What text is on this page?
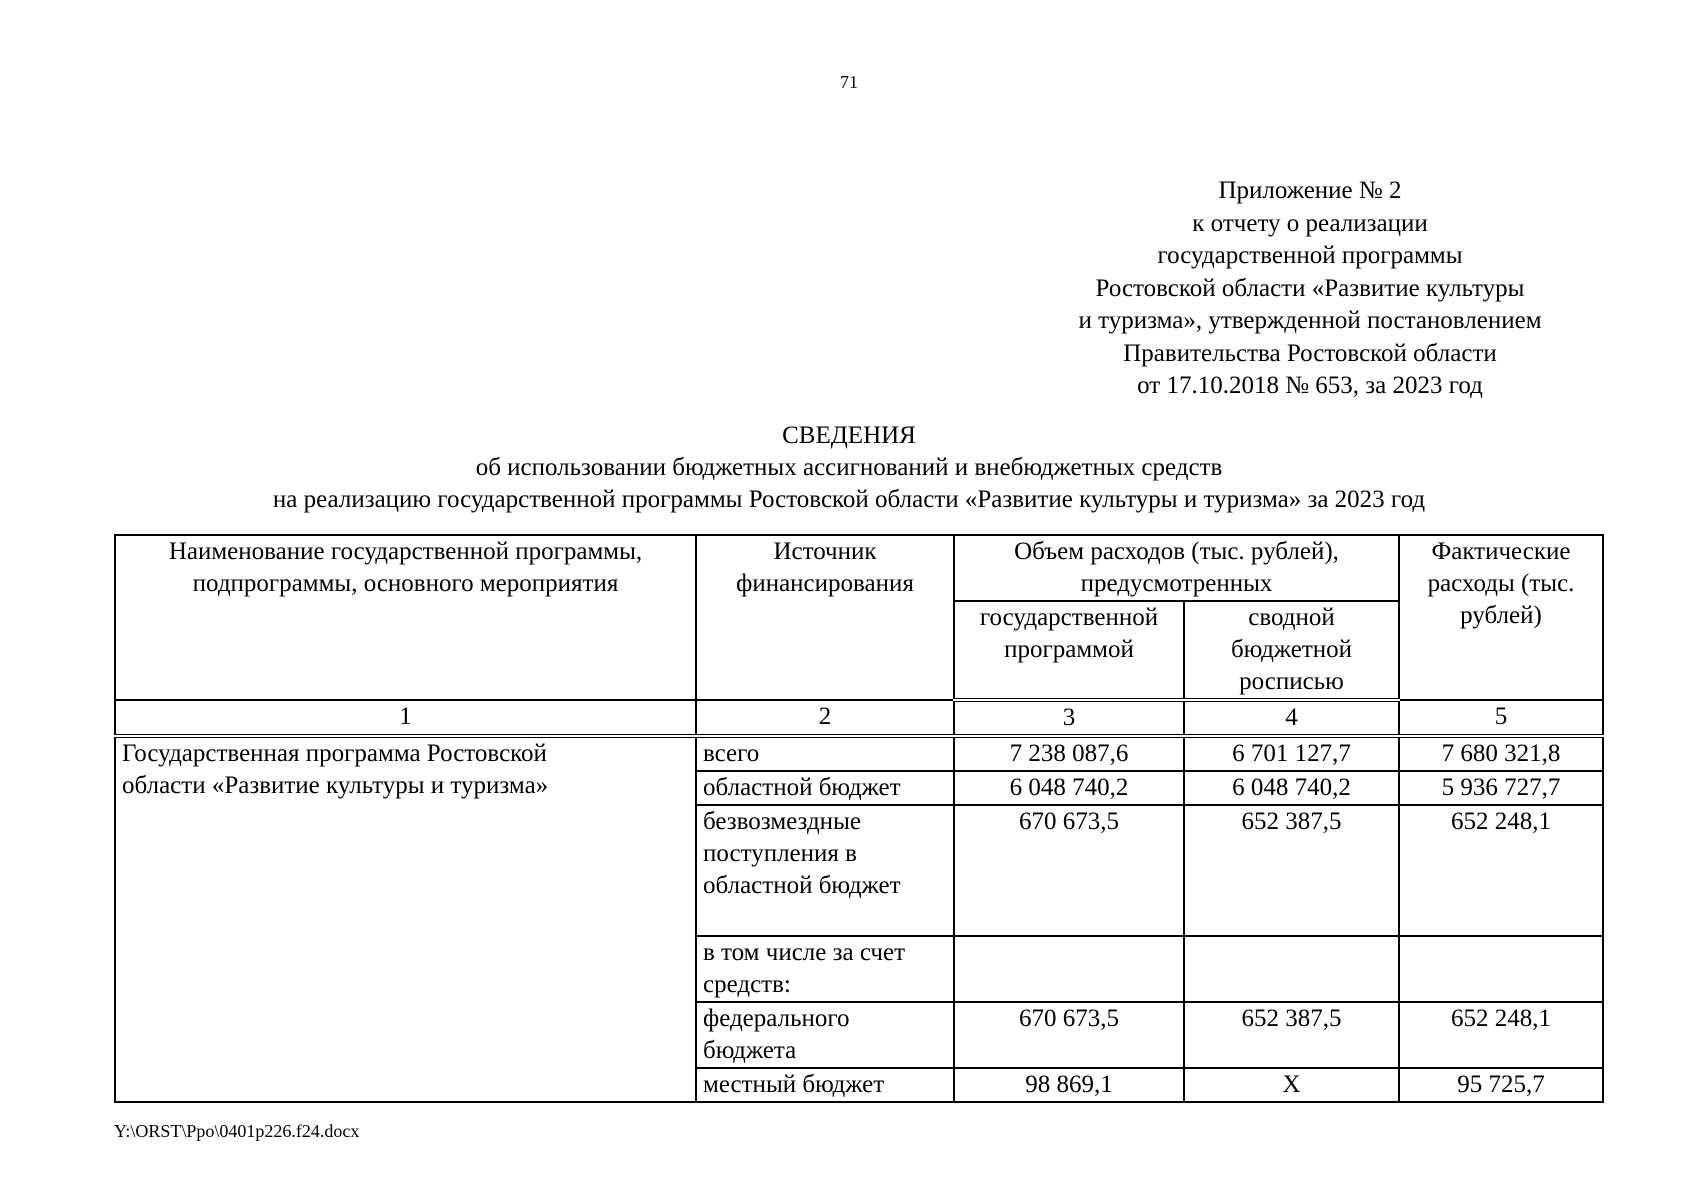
71
Приложение № 2
к отчету о реализации
государственной программы
Ростовской области «Развитие культуры
и туризма», утвержденной постановлением
Правительства Ростовской области
от 17.10.2018 № 653, за 2023 год
СВЕДЕНИЯ
об использовании бюджетных ассигнований и внебюджетных средств
на реализацию государственной программы Ростовской области «Развитие культуры и туризма» за 2023 год
Наименование государственной программы, подпрограммы, основного мероприятия	Источник финансирования	Объем расходов (тыс. рублей), предусмотренных		Фактические расходы (тыс. рублей)
		государственной программой	сводной бюджетной росписью	
1	2	3	4	5
Государственная программа Ростовской области «Развитие культуры и туризма»	всего	7 238 087,6	6 701 127,7	7 680 321,8
	областной бюджет	6 048 740,2	6 048 740,2	5 936 727,7
	безвозмездные поступления в областной бюджет	670 673,5	652 387,5	652 248,1
	в том числе за счет средств:			
	федерального бюджета	670 673,5	652 387,5	652 248,1
	местный бюджет	98 869,1	Х	95 725,7
Y:\ORST\Ppo\0401p226.f24.docx
